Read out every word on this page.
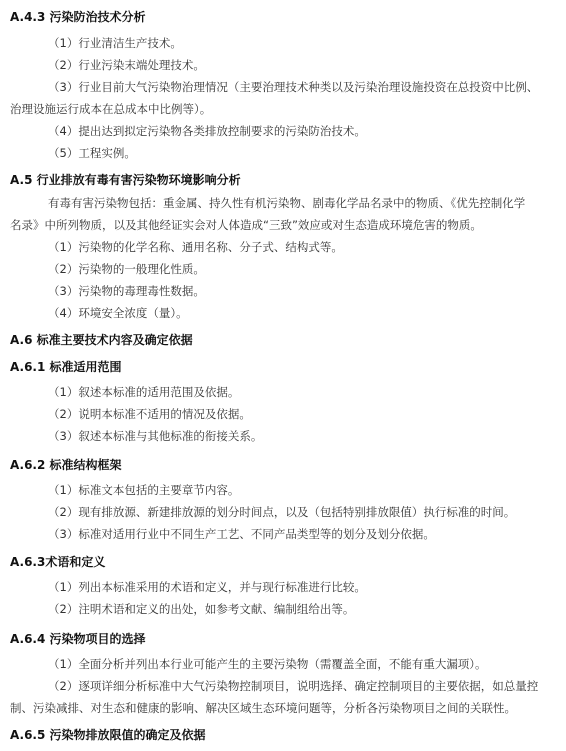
A.4.3 污染防治技术分析
（1）行业清洁生产技术。
（2）行业污染末端处理技术。
（3）行业目前大气污染物治理情况（主要治理技术种类以及污染治理设施投资在总投资中比例、
治理设施运行成本在总成本中比例等）。
（4）提出达到拟定污染物各类排放控制要求的污染防治技术。
（5）工程实例。
A.5 行业排放有毒有害污染物环境影响分析
有毒有害污染物包括：重金属、持久性有机污染物、剧毒化学品名录中的物质、《优先控制化学
名录》中所列物质，以及其他经证实会对人体造成“三致”效应或对生态造成环境危害的物质。
（1）污染物的化学名称、通用名称、分子式、结构式等。
（2）污染物的一般理化性质。
（3）污染物的毒理毒性数据。
（4）环境安全浓度（量）。
A.6 标准主要技术内容及确定依据
A.6.1 标准适用范围
（1）叙述本标准的适用范围及依据。
（2）说明本标准不适用的情况及依据。
（3）叙述本标准与其他标准的衔接关系。
A.6.2 标准结构框架
（1）标准文本包括的主要章节内容。
（2）现有排放源、新建排放源的划分时间点，以及（包括特别排放限值）执行标准的时间。
（3）标准对适用行业中不同生产工艺、不同产品类型等的划分及划分依据。
A.6.3术语和定义
（1）列出本标准采用的术语和定义，并与现行标准进行比较。
（2）注明术语和定义的出处，如参考文献、编制组给出等。
A.6.4 污染物项目的选择
（1）全面分析并列出本行业可能产生的主要污染物（需覆盖全面，不能有重大漏项）。
（2）逐项详细分析标准中大气污染物控制项目，说明选择、确定控制项目的主要依据，如总量控
制、污染减排、对生态和健康的影响、解决区域生态环境问题等，分析各污染物项目之间的关联性。
A.6.5 污染物排放限值的确定及依据
